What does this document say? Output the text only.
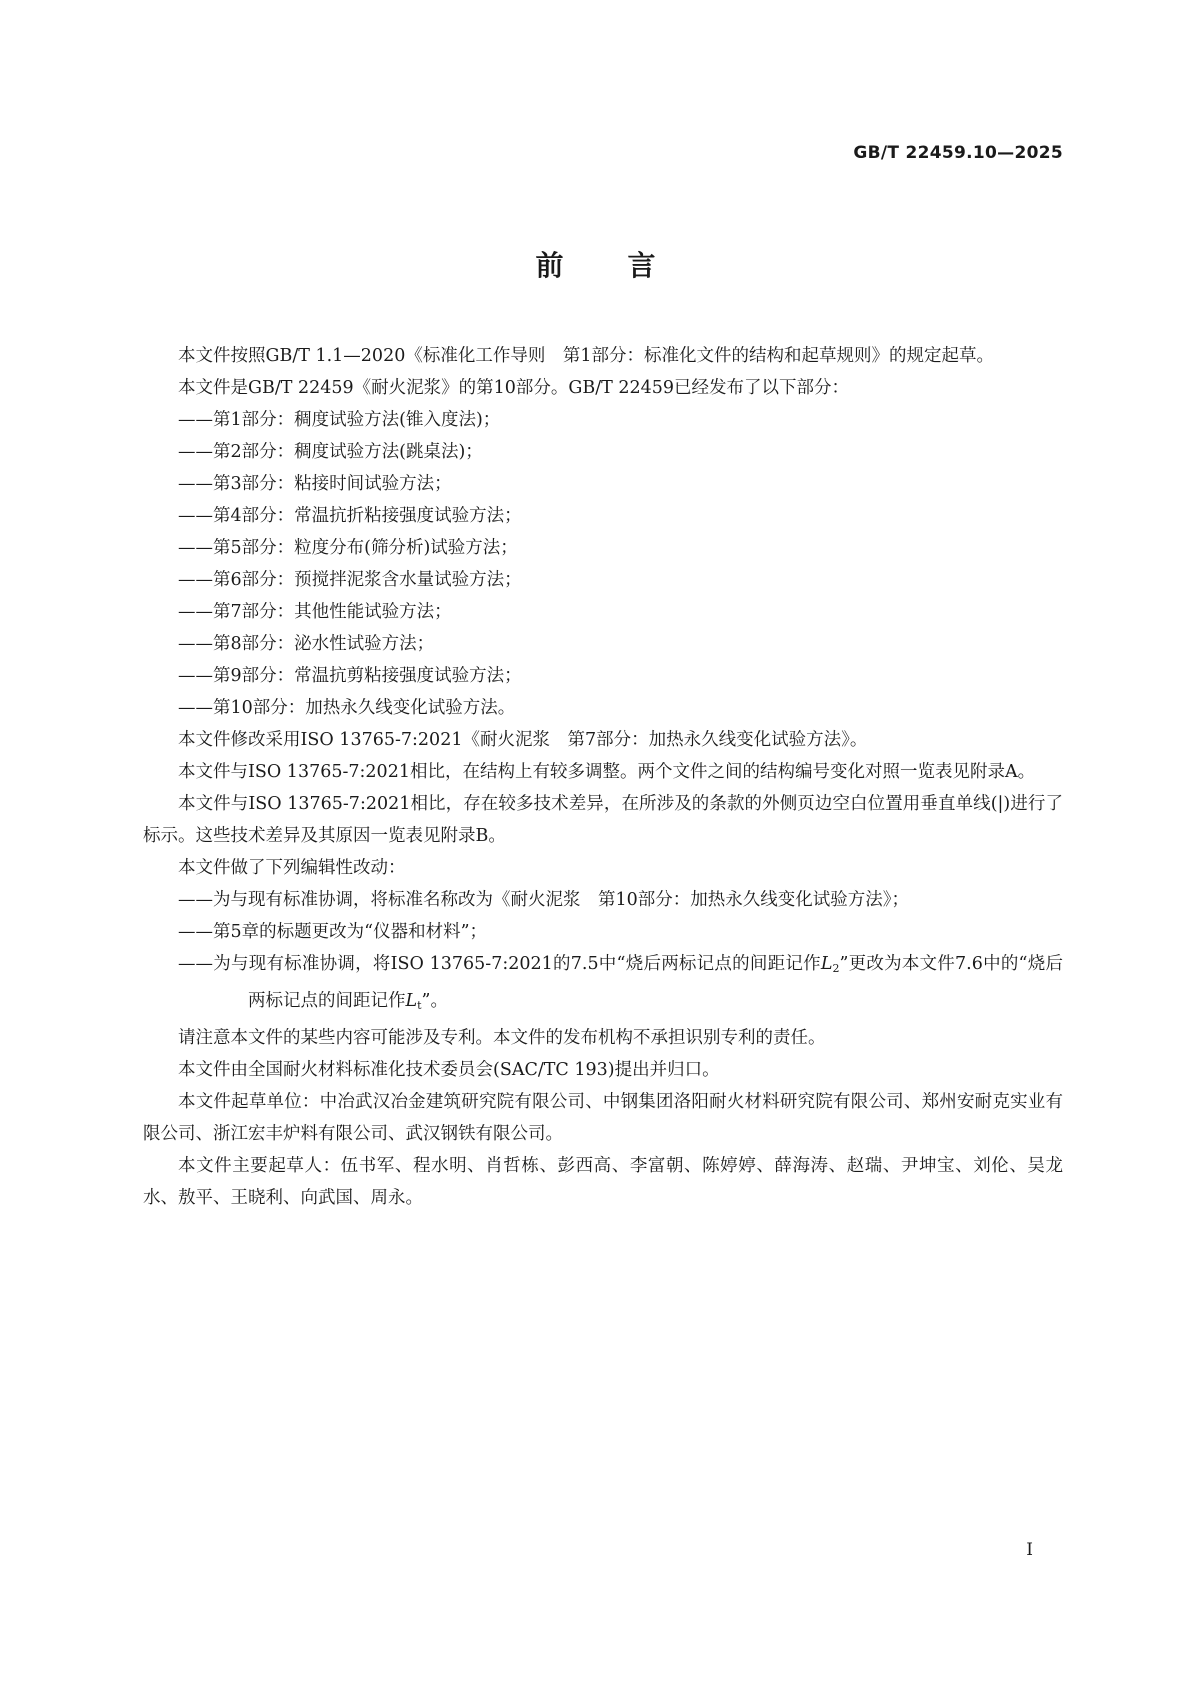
GB/T 22459.10—2025
前 言

本文件按照GB/T 1.1—2020《标准化工作导则　第1部分：标准化文件的结构和起草规则》的规定起草。

本文件是GB/T 22459《耐火泥浆》的第10部分。GB/T 22459已经发布了以下部分：

——第1部分：稠度试验方法(锥入度法)；

——第2部分：稠度试验方法(跳桌法)；

——第3部分：粘接时间试验方法；

——第4部分：常温抗折粘接强度试验方法；

——第5部分：粒度分布(筛分析)试验方法；

——第6部分：预搅拌泥浆含水量试验方法；

——第7部分：其他性能试验方法；

——第8部分：泌水性试验方法；

——第9部分：常温抗剪粘接强度试验方法；

——第10部分：加热永久线变化试验方法。

本文件修改采用ISO 13765-7:2021《耐火泥浆　第7部分：加热永久线变化试验方法》。

本文件与ISO 13765-7:2021相比，在结构上有较多调整。两个文件之间的结构编号变化对照一览表见附录A。

本文件与ISO 13765-7:2021相比，存在较多技术差异，在所涉及的条款的外侧页边空白位置用垂直单线(|)进行了标示。这些技术差异及其原因一览表见附录B。

本文件做了下列编辑性改动：

——为与现有标准协调，将标准名称改为《耐火泥浆　第10部分：加热永久线变化试验方法》；

——第5章的标题更改为“仪器和材料”；

——为与现有标准协调，将ISO 13765-7:2021的7.5中“烧后两标记点的间距记作$L_2$”更改为本文件7.6中的“烧后两标记点的间距记作$L_t$”。

请注意本文件的某些内容可能涉及专利。本文件的发布机构不承担识别专利的责任。

本文件由全国耐火材料标准化技术委员会(SAC/TC 193)提出并归口。

本文件起草单位：中冶武汉冶金建筑研究院有限公司、中钢集团洛阳耐火材料研究院有限公司、郑州安耐克实业有限公司、浙江宏丰炉料有限公司、武汉钢铁有限公司。

本文件主要起草人：伍书军、程水明、肖哲栋、彭西高、李富朝、陈婷婷、薛海涛、赵瑞、尹坤宝、刘伦、吴龙水、敖平、王晓利、向武国、周永。

I
